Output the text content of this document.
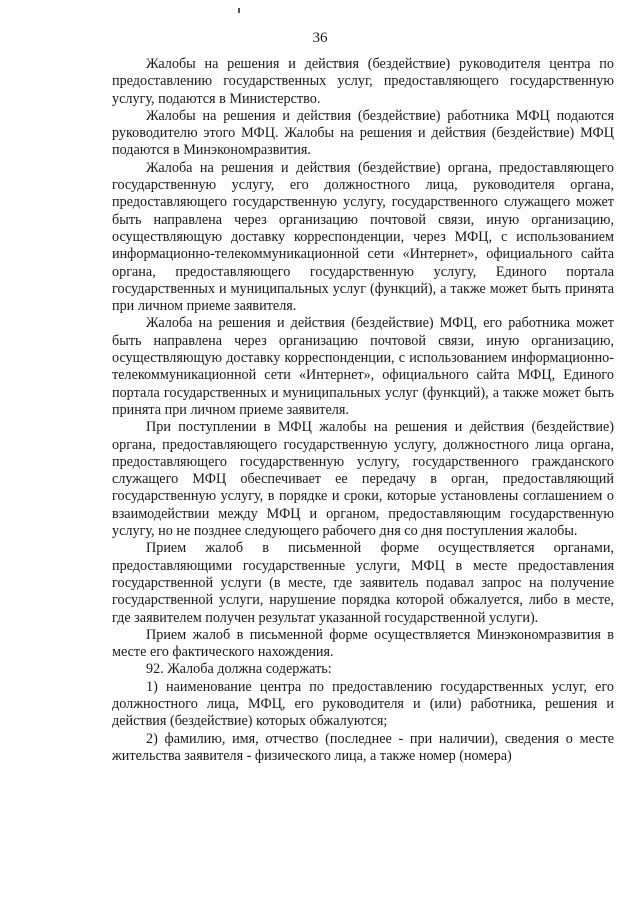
36

Жалобы на решения и действия (бездействие) руководителя центра по предоставлению государственных услуг, предоставляющего государственную услугу, подаются в Министерство.

Жалобы на решения и действия (бездействие) работника МФЦ подаются руководителю этого МФЦ. Жалобы на решения и действия (бездействие) МФЦ подаются в Минэкономразвития.

Жалоба на решения и действия (бездействие) органа, предоставляющего государственную услугу, его должностного лица, руководителя органа, предоставляющего государственную услугу, государственного служащего может быть направлена через организацию почтовой связи, иную организацию, осуществляющую доставку корреспонденции, через МФЦ, с использованием информационно-телекоммуникационной сети «Интернет», официального сайта органа, предоставляющего государственную услугу, Единого портала государственных и муниципальных услуг (функций), а также может быть принята при личном приеме заявителя.

Жалоба на решения и действия (бездействие) МФЦ, его работника может быть направлена через организацию почтовой связи, иную организацию, осуществляющую доставку корреспонденции, с использованием информационно-телекоммуникационной сети «Интернет», официального сайта МФЦ, Единого портала государственных и муниципальных услуг (функций), а также может быть принята при личном приеме заявителя.

При поступлении в МФЦ жалобы на решения и действия (бездействие) органа, предоставляющего государственную услугу, должностного лица органа, предоставляющего государственную услугу, государственного гражданского служащего МФЦ обеспечивает ее передачу в орган, предоставляющий государственную услугу, в порядке и сроки, которые установлены соглашением о взаимодействии между МФЦ и органом, предоставляющим государственную услугу, но не позднее следующего рабочего дня со дня поступления жалобы.

Прием жалоб в письменной форме осуществляется органами, предоставляющими государственные услуги, МФЦ в месте предоставления государственной услуги (в месте, где заявитель подавал запрос на получение государственной услуги, нарушение порядка которой обжалуется, либо в месте, где заявителем получен результат указанной государственной услуги).

Прием жалоб в письменной форме осуществляется Минэкономразвития в месте его фактического нахождения.

92. Жалоба должна содержать:

1) наименование центра по предоставлению государственных услуг, его должностного лица, МФЦ, его руководителя и (или) работника, решения и действия (бездействие) которых обжалуются;

2) фамилию, имя, отчество (последнее - при наличии), сведения о месте жительства заявителя - физического лица, а также номер (номера)
